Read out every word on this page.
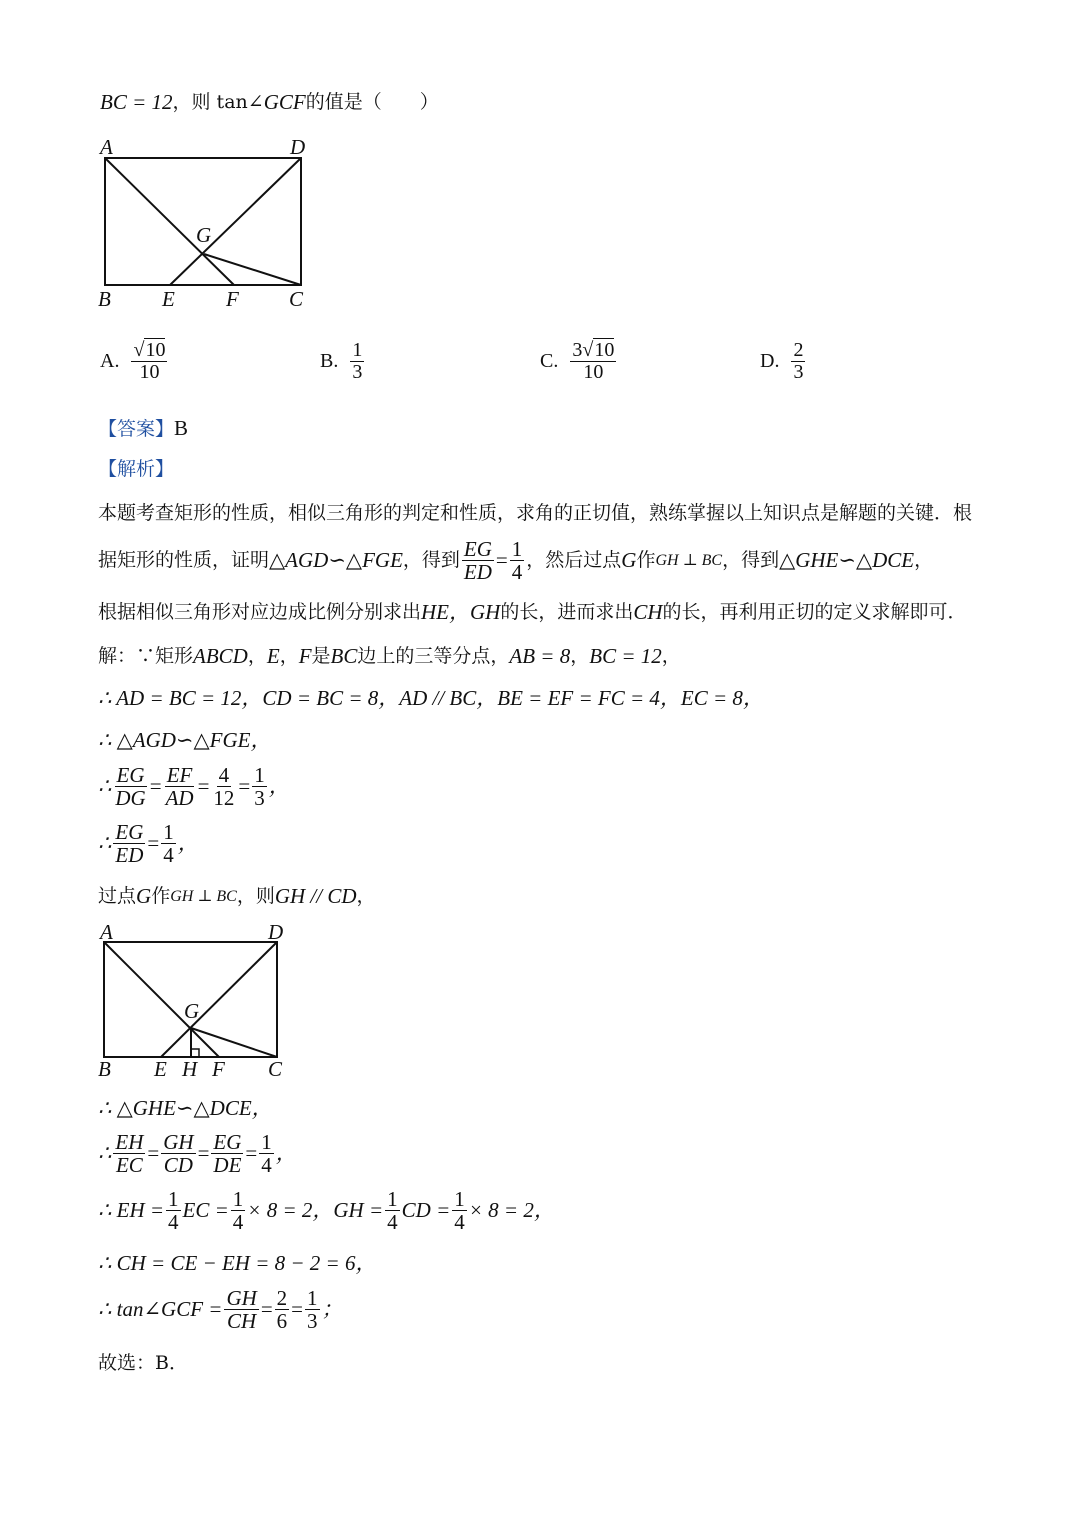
BC = 12 ，则 tan∠ GCF 的值是（　　）
A	D
G
B E F C
A. $\frac{√10}{10}$	B. $\frac{1}{3}$	C. $\frac{3√10}{10}$	D. $\frac{2}{3}$
【答案】B
【解析】
本题考查矩形的性质，相似三角形的判定和性质，求角的正切值，熟练掌握以上知识点是解题的关键．根
据矩形的性质，证明 △AGD∽△FGE ，得到 $\frac{EG}{ED} = \frac{1}{4}$ ，然后过点 G 作 GH ⊥ BC ，得到 △GHE∽△DCE ，
根据相似三角形对应边成比例分别求出 HE，GH 的长，进而求出 CH 的长，再利用正切的定义求解即可．
解：∵矩形 ABCD ， E ， F 是 BC 边上的三等分点， AB = 8 ， BC = 12 ，
∴ AD = BC = 12，CD = BC = 8，AD // BC，BE = EF = FC = 4，EC = 8，
∴ △AGD∽△FGE，
∴ $\frac{EG}{DG} = \frac{EF}{AD} = \frac{4}{12} = \frac{1}{3}$ ，
∴ $\frac{EG}{ED} = \frac{1}{4}$ ，
过点 G 作 GH ⊥ BC ，则 GH // CD ，
A	D
G
B E H F C
∴ △GHE∽△DCE，
∴ $\frac{EH}{EC} = \frac{GH}{CD} = \frac{EG}{DE} = \frac{1}{4}$ ，
∴ EH = $\frac{1}{4}$ EC = $\frac{1}{4} \times 8 = 2$，GH = $\frac{1}{4}$ CD = $\frac{1}{4} \times 8 = 2$，
∴ CH = CE − EH = 8 − 2 = 6，
∴ tan∠GCF = $\frac{GH}{CH} = \frac{2}{6} = \frac{1}{3}$ ；
故选：B．
